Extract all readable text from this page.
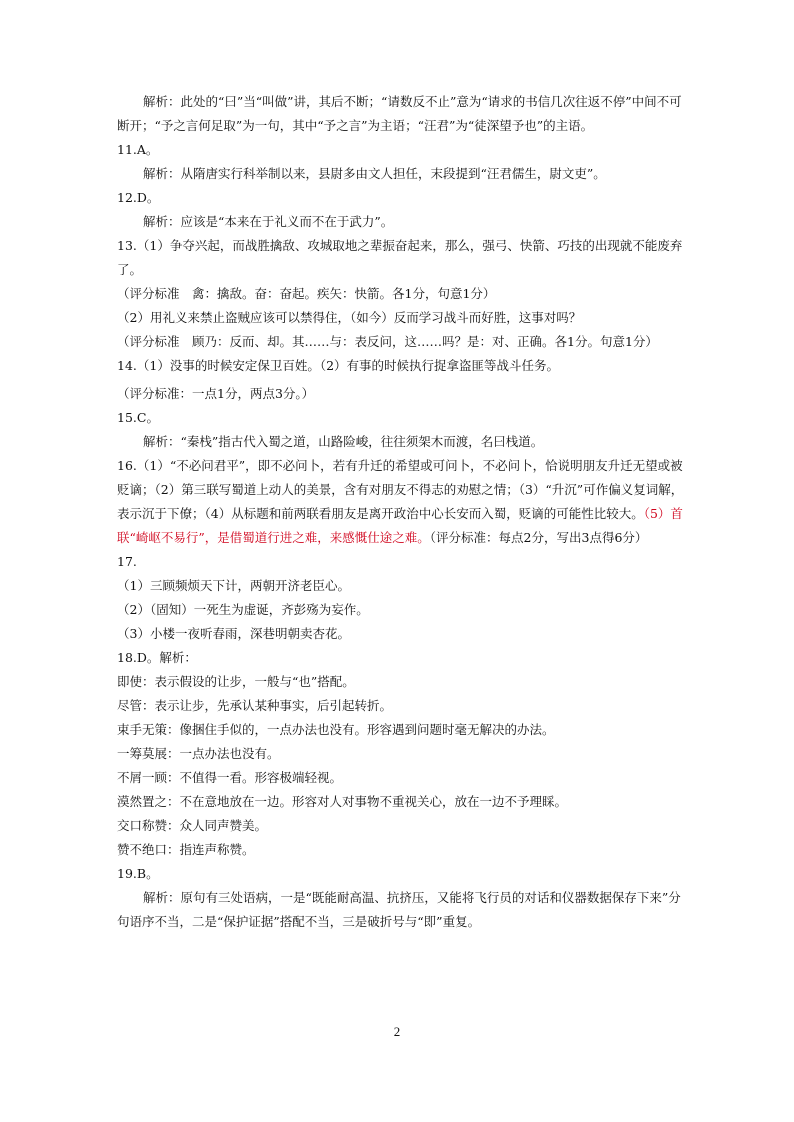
解析：此处的“曰”当“叫做”讲，其后不断；“请数反不止”意为“请求的书信几次往返不停”中间不可断开；“予之言何足取”为一句，其中“予之言”为主语；“汪君”为“徒深望予也”的主语。

11.A。

解析：从隋唐实行科举制以来，县尉多由文人担任，末段提到“汪君儒生，尉文吏”。

12.D。

解析：应该是“本来在于礼义而不在于武力”。

13.（1）争夺兴起，而战胜擒敌、攻城取地之辈振奋起来，那么，强弓、快箭、巧技的出现就不能废弃了。

（评分标准　禽：擒敌。奋：奋起。疾矢：快箭。各1分，句意1分）

（2）用礼义来禁止盗贼应该可以禁得住，（如今）反而学习战斗而好胜，这事对吗？

（评分标准　顾乃：反而、却。其……与：表反问，这……吗？是：对、正确。各1分。句意1分）

14.（1）没事的时候安定保卫百姓。（2）有事的时候执行捉拿盗匪等战斗任务。

（评分标准：一点1分，两点3分。）

15.C。

解析：“秦栈”指古代入蜀之道，山路险峻，往往须架木而渡，名曰栈道。

16.（1）“不必问君平”，即不必问卜，若有升迁的希望或可问卜，不必问卜，恰说明朋友升迁无望或被贬谪；（2）第三联写蜀道上动人的美景，含有对朋友不得志的劝慰之情；（3）“升沉”可作偏义复词解，表示沉于下僚；（4）从标题和前两联看朋友是离开政治中心长安而入蜀，贬谪的可能性比较大。（5）首联“崎岖不易行”，是借蜀道行进之难，来感慨仕途之难。（评分标准：每点2分，写出3点得6分）

17.

（1）三顾频烦天下计，两朝开济老臣心。

（2）（固知）一死生为虚诞，齐彭殇为妄作。

（3）小楼一夜听春雨，深巷明朝卖杏花。

18.D。解析：

即使：表示假设的让步，一般与“也”搭配。

尽管：表示让步，先承认某种事实，后引起转折。

束手无策：像捆住手似的，一点办法也没有。形容遇到问题时毫无解决的办法。

一筹莫展：一点办法也没有。

不屑一顾：不值得一看。形容极端轻视。

漠然置之：不在意地放在一边。形容对人对事物不重视关心，放在一边不予理睬。

交口称赞：众人同声赞美。

赞不绝口：指连声称赞。

19.B。

解析：原句有三处语病，一是“既能耐高温、抗挤压，又能将飞行员的对话和仪器数据保存下来”分句语序不当，二是“保护证据”搭配不当，三是破折号与“即”重复。

2
